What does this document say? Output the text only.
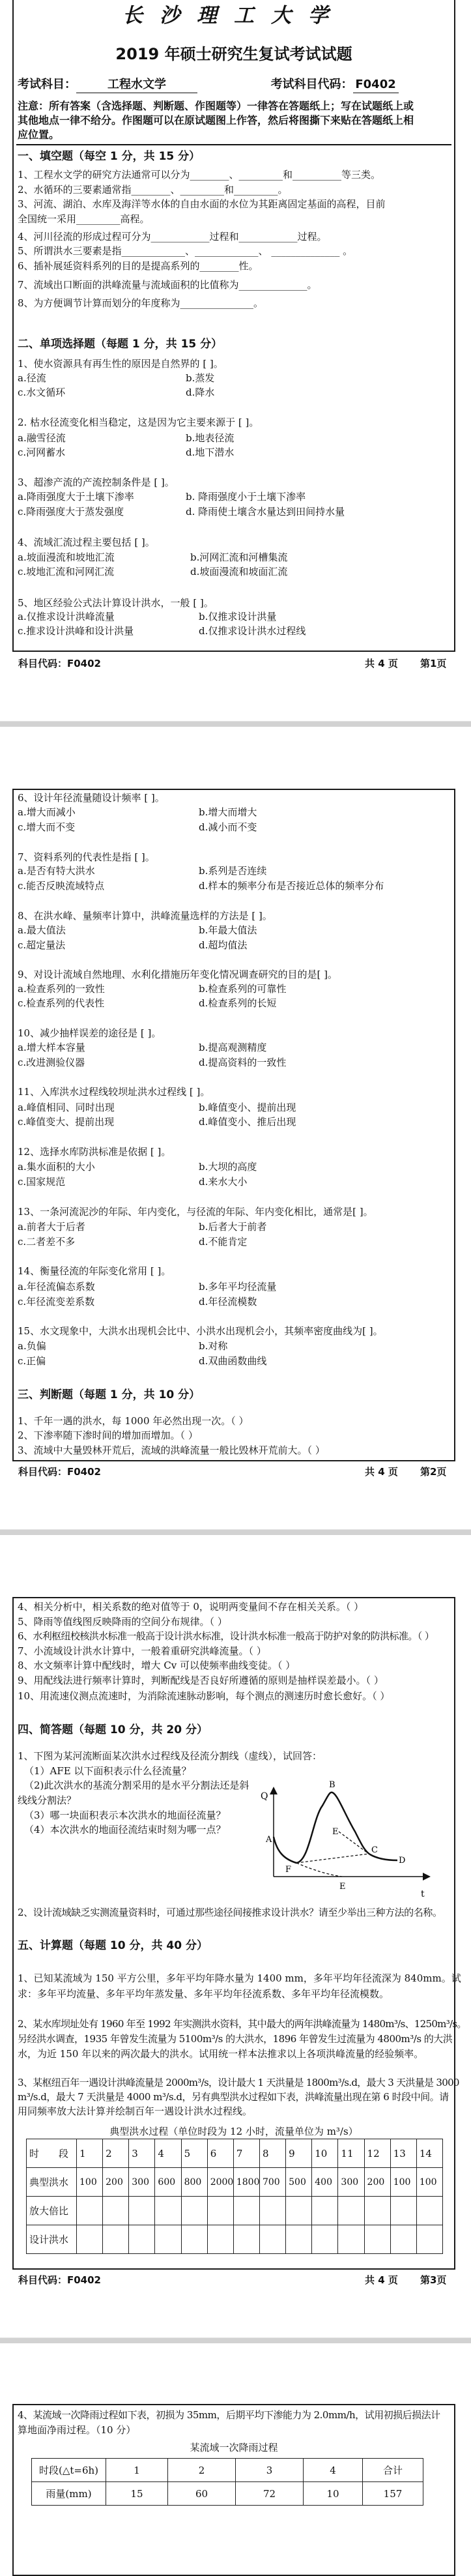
长沙理工大学
2019 年硕士研究生复试考试试题
考试科目：	工程水文学	考试科目代码： F0402
注意：所有答案（含选择题、判断题、作图题等）一律答在答题纸上；写在试题纸上或
其他地点一律不给分。作图题可以在原试题图上作答，然后将图撕下来贴在答题纸上相
应位置。
一、填空题（每空 1 分，共 15 分）
1、工程水文学的研究方法通常可以分为________、_________和__________等三类。
2、水循环的三要素通常指________、_________和_________。
3、河流、湖泊、水库及海洋等水体的自由水面的水位为其距离固定基面的高程，目前
全国统一采用_________高程。
4、河川径流的形成过程可分为____________过程和____________过程。
5、所谓洪水三要素是指_____________、_____________、 ______________ 。
6、插补展延资料系列的目的是提高系列的________性。
7、流域出口断面的洪峰流量与流域面积的比值称为______________。
8、为方便调节计算而划分的年度称为_______________。
二、单项选择题（每题 1 分，共 15 分）
1、使水资源具有再生性的原因是自然界的 [ ]。
a.径流	b.蒸发
c.水文循环	d.降水
2. 枯水径流变化相当稳定，这是因为它主要来源于 [ ]。
a.融雪径流	b.地表径流
c.河网蓄水	d.地下潜水
3、超渗产流的产流控制条件是 [ ]。
a.降雨强度大于土壤下渗率	b. 降雨强度小于土壤下渗率
c.降雨强度大于蒸发强度	d. 降雨使土壤含水量达到田间持水量
4、流域汇流过程主要包括 [ ]。
a.坡面漫流和坡地汇流	b.河网汇流和河槽集流
c.坡地汇流和河网汇流	d.坡面漫流和坡面汇流
5、地区经验公式法计算设计洪水，一般 [ ]。
a.仅推求设计洪峰流量	b.仅推求设计洪量
c.推求设计洪峰和设计洪量	d.仅推求设计洪水过程线
科目代码：F0402	共 4 页 第1页
6、设计年径流量随设计频率 [ ]。
a.增大而减小	b.增大而增大
c.增大而不变	d.减小而不变
7、资料系列的代表性是指 [ ]。
a.是否有特大洪水	b.系列是否连续
c.能否反映流域特点	d.样本的频率分布是否接近总体的频率分布
8、在洪水峰、量频率计算中，洪峰流量选样的方法是 [ ]。
a.最大值法	b.年最大值法
c.超定量法	d.超均值法
9、对设计流域自然地理、水利化措施历年变化情况调查研究的目的是[ ]。
a.检查系列的一致性	b.检查系列的可靠性
c.检查系列的代表性	d.检查系列的长短
10、减少抽样误差的途径是 [ ]。
a.增大样本容量	b.提高观测精度
c.改进测验仪器	d.提高资料的一致性
11、入库洪水过程线较坝址洪水过程线 [ ]。
a.峰值相同、同时出现	b.峰值变小、提前出现
c.峰值变大、提前出现	d.峰值变小、推后出现
12、选择水库防洪标准是依据 [ ]。
a.集水面积的大小	b.大坝的高度
c.国家规范	d.来水大小
13、一条河流泥沙的年际、年内变化，与径流的年际、年内变化相比，通常是[ ]。
a.前者大于后者	b.后者大于前者
c.二者差不多	d.不能肯定
14、衡量径流的年际变化常用 [ ]。
a.年径流偏态系数	b.多年平均径流量
c.年径流变差系数	d.年径流模数
15、水文现象中，大洪水出现机会比中、小洪水出现机会小，其频率密度曲线为[ ]。
a.负偏	b.对称
c.正偏	d.双曲函数曲线
三、判断题（每题 1 分，共 10 分）
1、千年一遇的洪水，每 1000 年必然出现一次。（ ）
2、下渗率随下渗时间的增加而增加。（ ）
3、流域中大量毁林开荒后，流域的洪峰流量一般比毁林开荒前大。（ ）
科目代码：F0402	共 4 页 第2页
4、相关分析中，相关系数的绝对值等于 0，说明两变量间不存在相关关系。（ ）
5、降雨等值线图反映降雨的空间分布规律。（ ）
6、水利枢纽校核洪水标准一般高于设计洪水标准，设计洪水标准一般高于防护对象的防洪标准。（ ）
7、小流域设计洪水计算中，一般着重研究洪峰流量。（ ）
8、水文频率计算中配线时，增大 Cv 可以使频率曲线变徒。（ ）
9、用配线法进行频率计算时，判断配线是否良好所遵循的原则是抽样误差最小。（ ）
10、用流速仪测点流速时，为消除流速脉动影响，每个测点的测速历时愈长愈好。（ ）
四、简答题（每题 10 分，共 20 分）
1、下图为某河流断面某次洪水过程线及径流分割线（虚线），试回答：
（1）AFE 以下面积表示什么径流量？
（2)此次洪水的基流分割采用的是水平分割法还是斜
线线分割法？
（3）哪一块面积表示本次洪水的地面径流量？
（4）本次洪水的地面径流结束时刻为哪一点？
Q
t
A
B
C
D
E
F
E
2、设计流域缺乏实测流量资料时，可通过那些途径间接推求设计洪水？请至少举出三种方法的名称。
五、计算题（每题 10 分，共 40 分）
1、已知某流域为 150 平方公里，多年平均年降水量为 1400 mm，多年平均年径流深为 840mm。试
求：多年平均流量、多年平均年蒸发量、多年平均年径流系数、多年平均年径流模数。
2、某水库坝址处有 1960 年至 1992 年实测洪水资料，其中最大的两年洪峰流量为 1480m³/s、1250m³/s。
另经洪水调查，1935 年曾发生流量为 5100m³/s 的大洪水，1896 年曾发生过流量为 4800m³/s 的大洪
水，为近 150 年以来的两次最大的洪水。试用统一样本法推求以上各项洪峰流量的经验频率。
3、某枢纽百年一遇设计洪峰流量是 2000m³/s，设计最大 1 天洪量是 1800m³/s.d，最大 3 天洪量是 3000
m³/s.d，最大 7 天洪量是 4000 m³/s.d，另有典型洪水过程如下表，洪峰流量出现在第 6 时段中间。请
用同频率放大法计算并绘制百年一遇设计洪水过程线。
典型洪水过程（单位时段为 12 小时，流量单位为 m³/s）
时　　段	1	2	3	4	5	6	7	8	9	10	11	12	13	14
典型洪水	100	200	300	600	800	2000	1800	700	500	400	300	200	100	100
放大倍比														
设计洪水														
科目代码：F0402	共 4 页 第3页
4、某流域一次降雨过程如下表，初损为 35mm，后期平均下渗能力为 2.0mm/h，试用初损后损法计
算地面净雨过程。（10 分）
某流域一次降雨过程
时段(△t=6h)	1	2	3	4	合计
雨量(mm)	15	60	72	10	157
